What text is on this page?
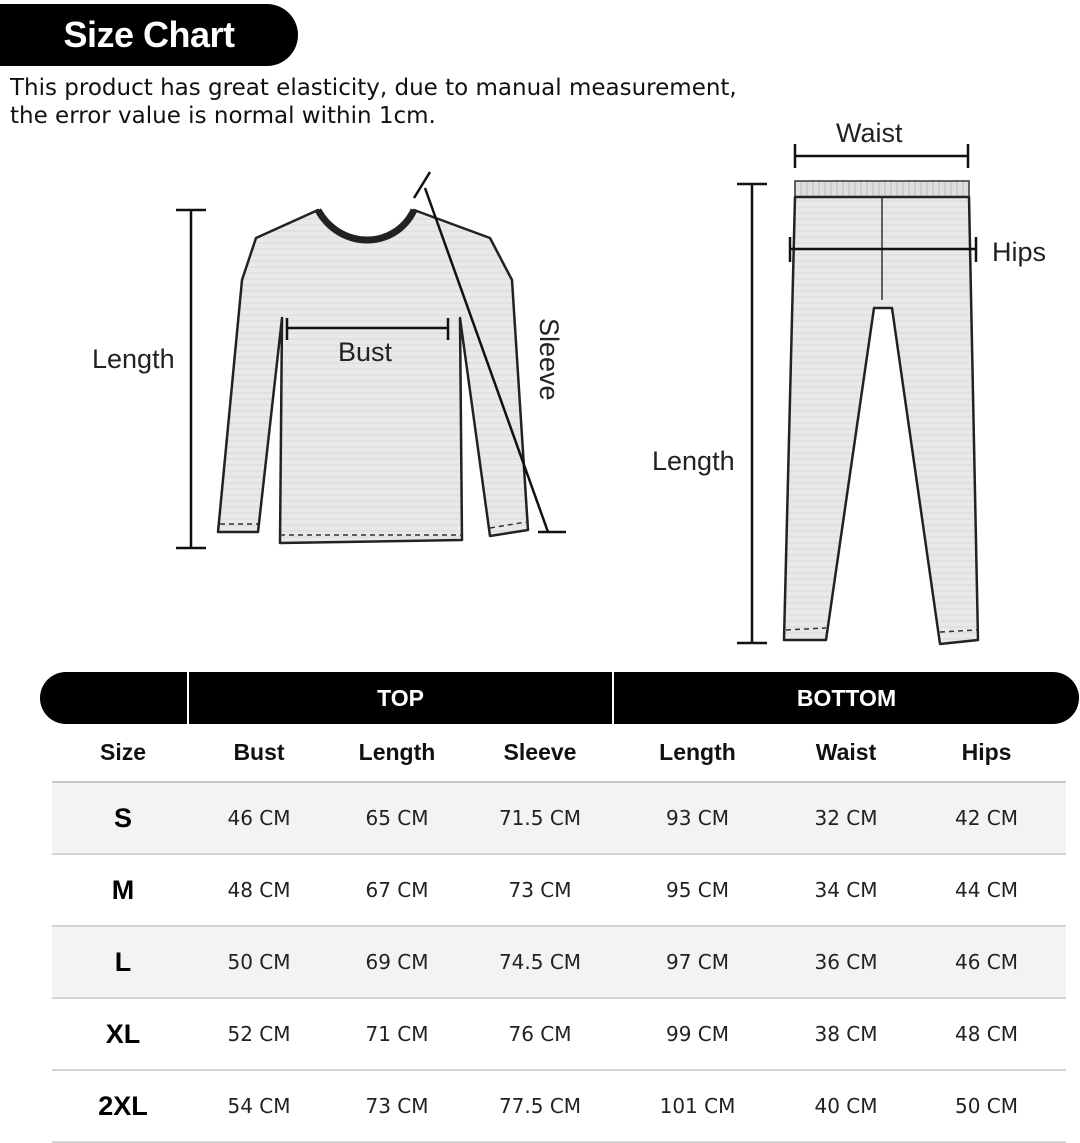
Size Chart
This product has great elasticity, due to manual measurement,
the error value is normal within 1cm.
Length	Bust	Sleeve
Waist
Hips
Length
TOP	BOTTOM
Size	Bust	Length	Sleeve	Length	Waist	Hips
S	46 CM	65 CM	71.5 CM	93 CM	32 CM	42 CM
M	48 CM	67 CM	73 CM	95 CM	34 CM	44 CM
L	50 CM	69 CM	74.5 CM	97 CM	36 CM	46 CM
XL	52 CM	71 CM	76 CM	99 CM	38 CM	48 CM
2XL	54 CM	73 CM	77.5 CM	101 CM	40 CM	50 CM
